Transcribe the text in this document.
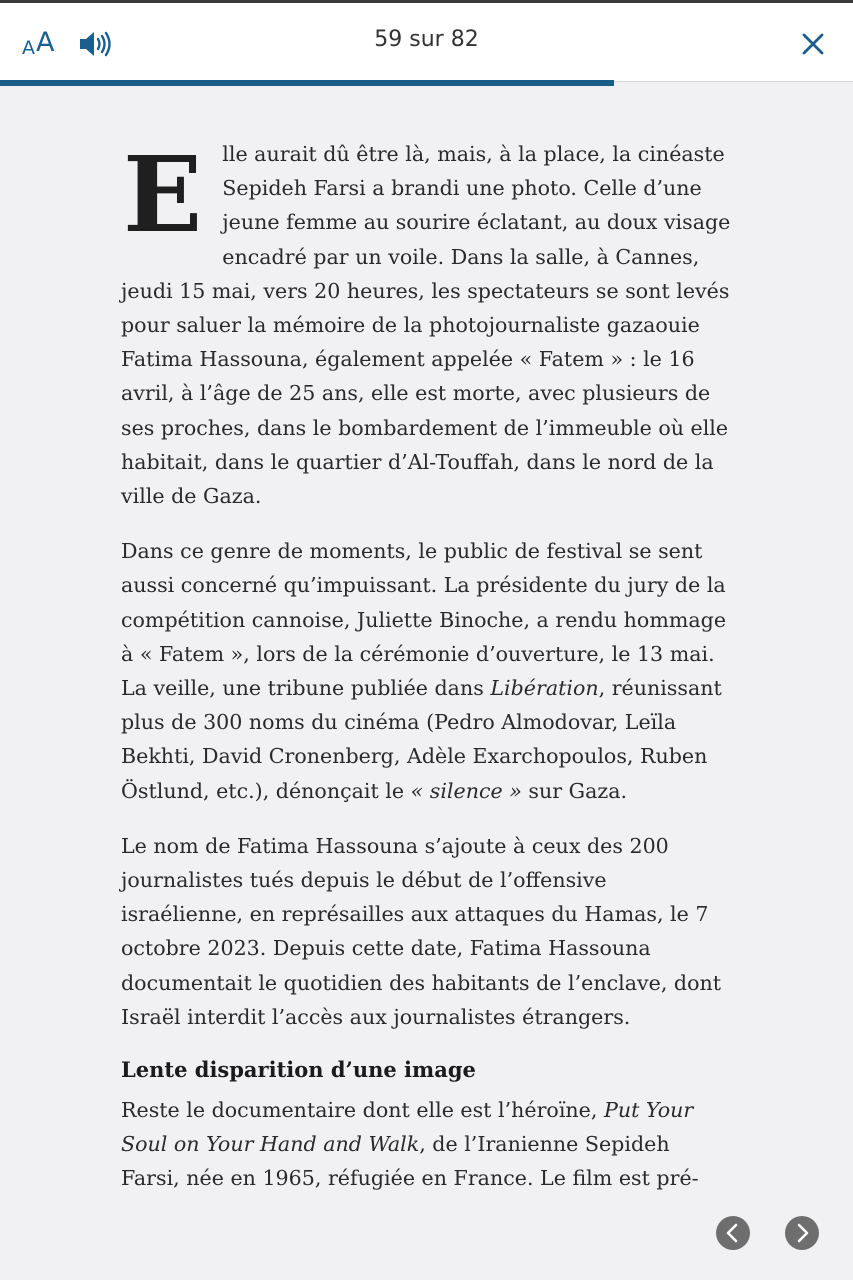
A A	59 sur 82

Elle aurait dû être là, mais, à la place, la cinéaste Sepideh Farsi a brandi une photo. Celle d’une jeune femme au sourire éclatant, au doux visage encadré par un voile. Dans la salle, à Cannes, jeudi 15 mai, vers 20 heures, les spectateurs se sont levés pour saluer la mémoire de la photojournaliste gazaouie Fatima Hassouna, également appelée « Fatem » : le 16 avril, à l’âge de 25 ans, elle est morte, avec plusieurs de ses proches, dans le bombardement de l’immeuble où elle habitait, dans le quartier d’Al-Touffah, dans le nord de la ville de Gaza.

Dans ce genre de moments, le public de festival se sent aussi concerné qu’impuissant. La présidente du jury de la compétition cannoise, Juliette Binoche, a rendu hommage à « Fatem », lors de la cérémonie d’ouverture, le 13 mai. La veille, une tribune publiée dans Libération, réunissant plus de 300 noms du cinéma (Pedro Almodovar, Leïla Bekhti, David Cronenberg, Adèle Exarchopoulos, Ruben Östlund, etc.), dénonçait le « silence » sur Gaza.

Le nom de Fatima Hassouna s’ajoute à ceux des 200 journalistes tués depuis le début de l’offensive israélienne, en représailles aux attaques du Hamas, le 7 octobre 2023. Depuis cette date, Fatima Hassouna documentait le quotidien des habitants de l’enclave, dont Israël interdit l’accès aux journalistes étrangers.

Lente disparition d’une image

Reste le documentaire dont elle est l’héroïne, Put Your Soul on Your Hand and Walk, de l’Iranienne Sepideh Farsi, née en 1965, réfugiée en France. Le film est pré-
